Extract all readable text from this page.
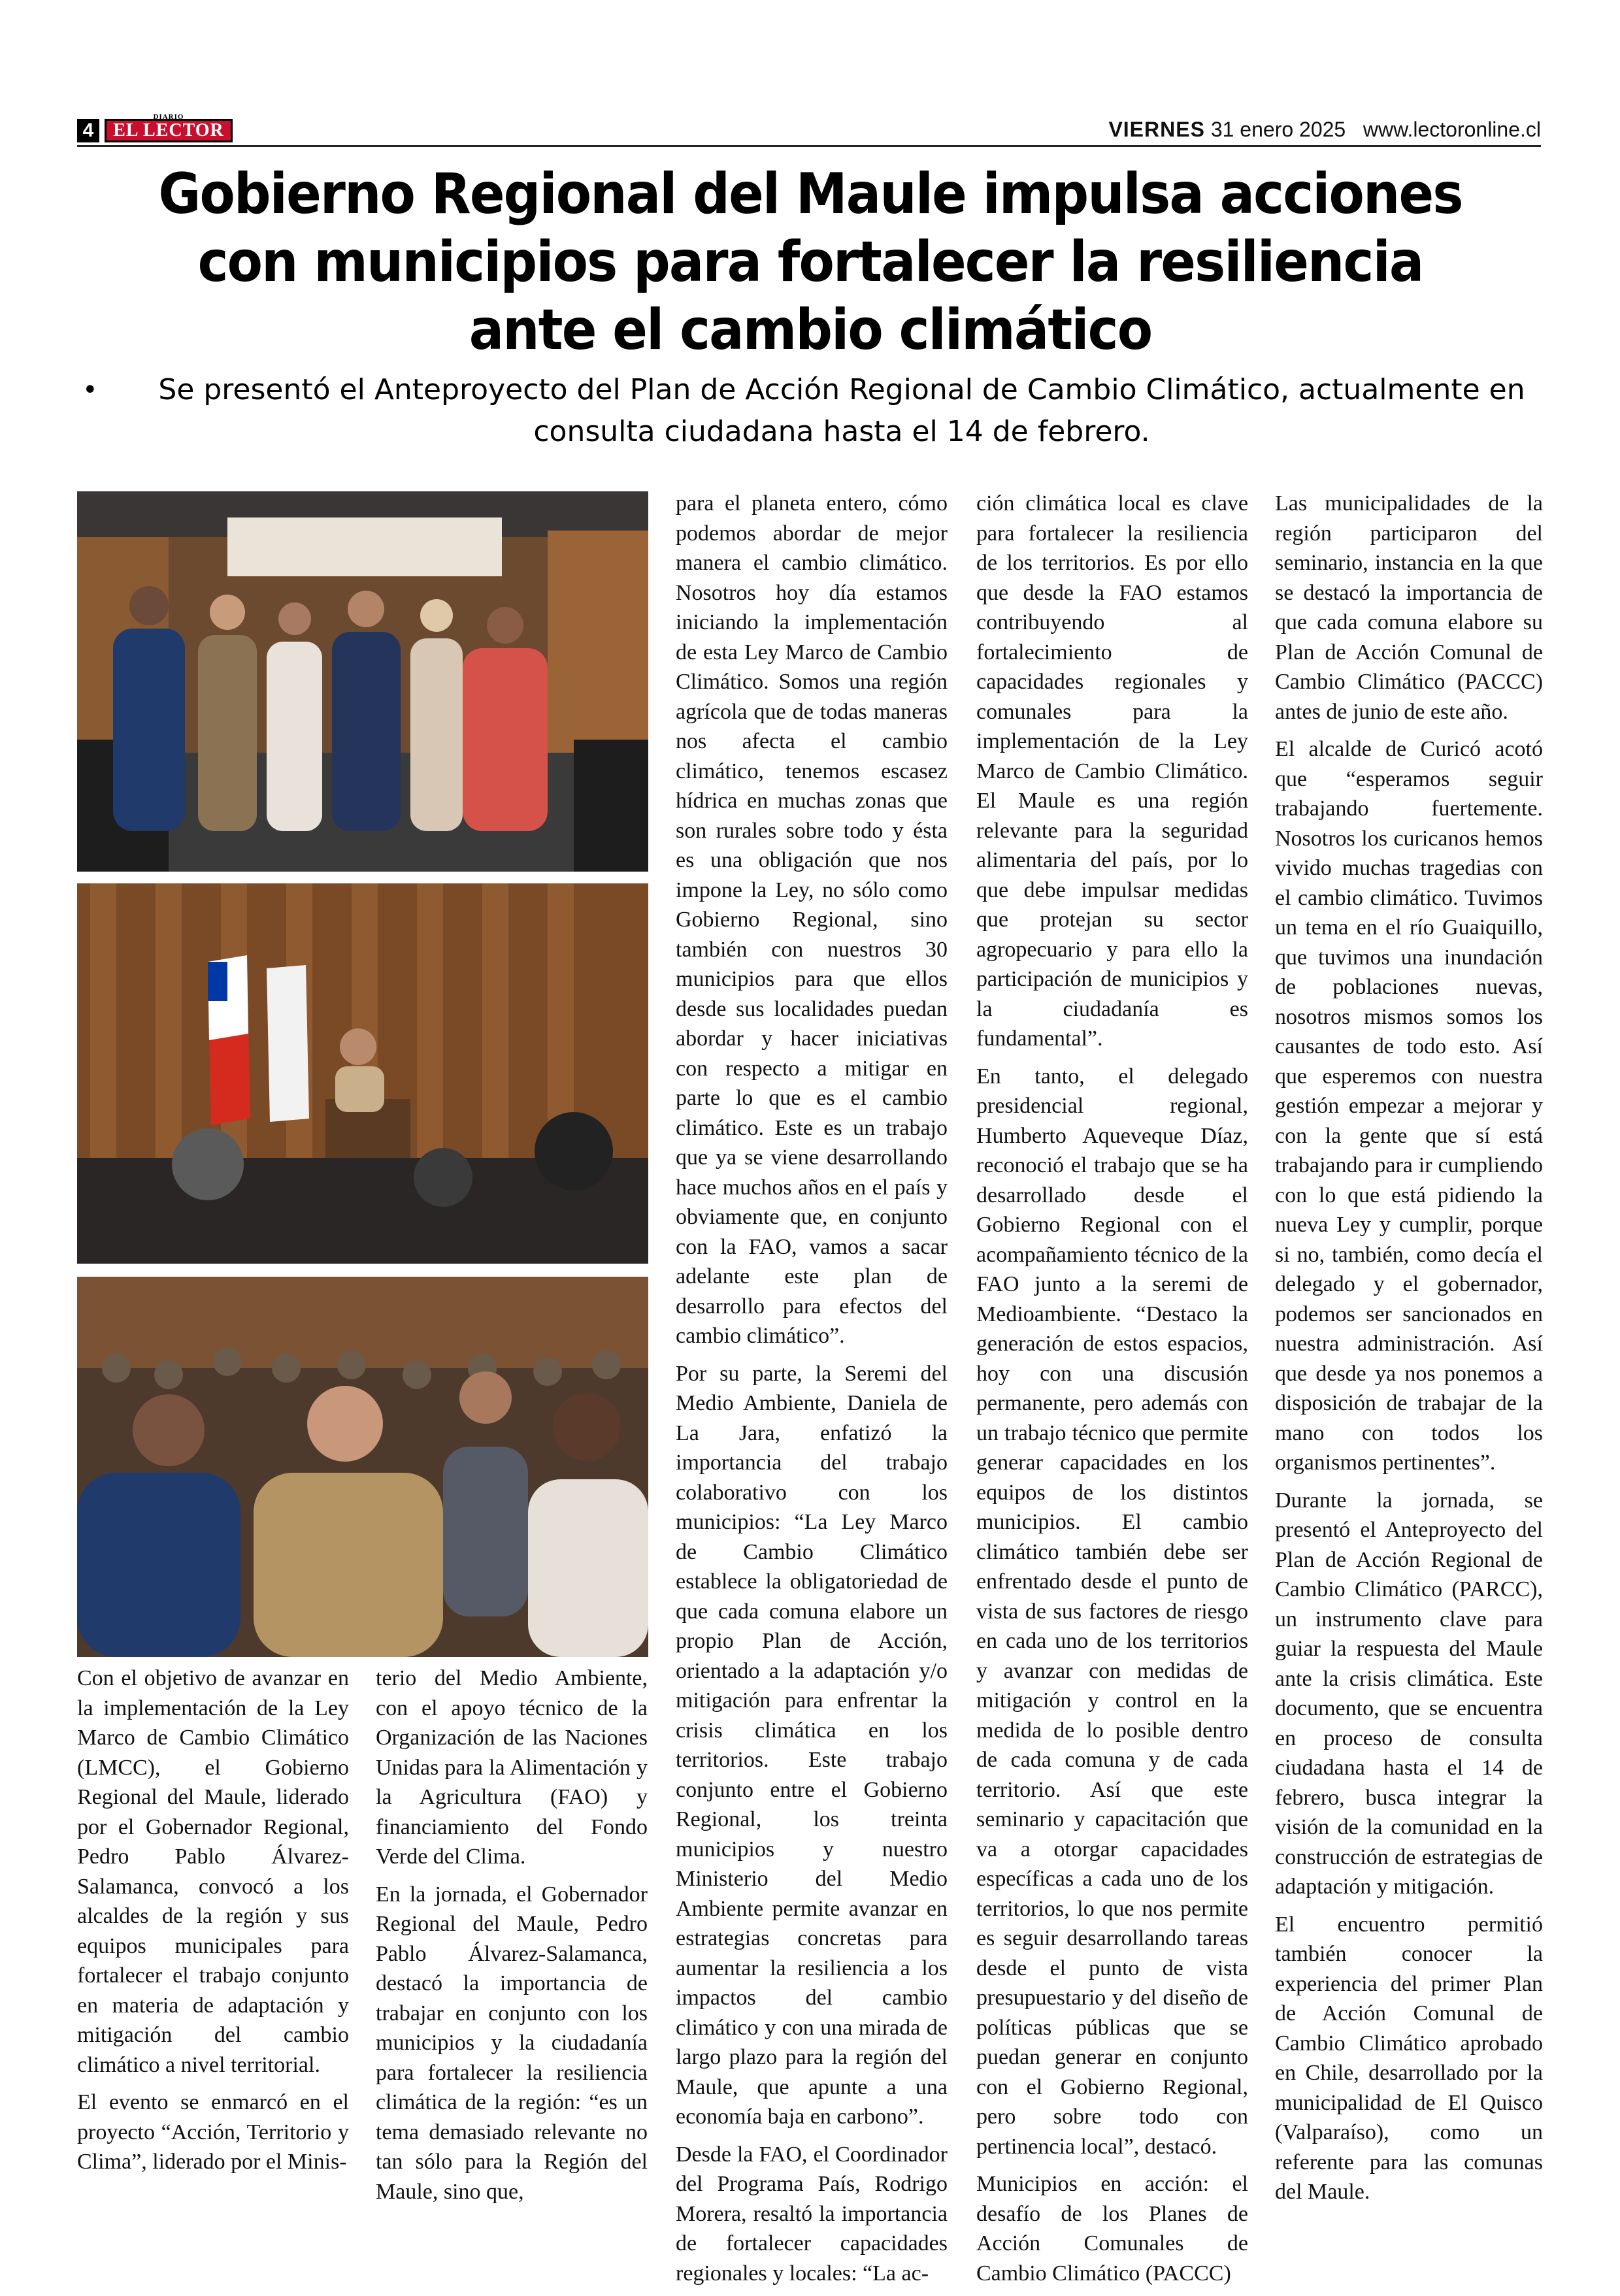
4
DIARIO
EL LECTOR	VIERNES 31 enero 2025 www.lectoronline.cl
Gobierno Regional del Maule impulsa acciones con municipios para fortalecer la resiliencia ante el cambio climático
•	Se presentó el Anteproyecto del Plan de Acción Regional de Cambio Climático, actualmente en consulta ciudadana hasta el 14 de febrero.

Con el objetivo de avanzar en la implementación de la Ley Marco de Cambio Climático (LMCC), el Gobierno Regional del Maule, liderado por el Gobernador Regional, Pedro Pablo Álvarez-Salamanca, convocó a los alcaldes de la región y sus equipos municipales para fortalecer el trabajo conjunto en materia de adaptación y mitigación del cambio climático a nivel territorial.

El evento se enmarcó en el proyecto “Acción, Territorio y Clima”, liderado por el Minis-

terio del Medio Ambiente, con el apoyo técnico de la Organización de las Naciones Unidas para la Alimentación y la Agricultura (FAO) y financiamiento del Fondo Verde del Clima.

En la jornada, el Gobernador Regional del Maule, Pedro Pablo Álvarez-Salamanca, destacó la importancia de trabajar en conjunto con los municipios y la ciudadanía para fortalecer la resiliencia climática de la región: “es un tema demasiado relevante no tan sólo para la Región del Maule, sino que,

para el planeta entero, cómo podemos abordar de mejor manera el cambio climático. Nosotros hoy día estamos iniciando la implementación de esta Ley Marco de Cambio Climático. Somos una región agrícola que de todas maneras nos afecta el cambio climático, tenemos escasez hídrica en muchas zonas que son rurales sobre todo y ésta es una obligación que nos impone la Ley, no sólo como Gobierno Regional, sino también con nuestros 30 municipios para que ellos desde sus localidades puedan abordar y hacer iniciativas con respecto a mitigar en parte lo que es el cambio climático. Este es un trabajo que ya se viene desarrollando hace muchos años en el país y obviamente que, en conjunto con la FAO, vamos a sacar adelante este plan de desarrollo para efectos del cambio climático”.

Por su parte, la Seremi del Medio Ambiente, Daniela de La Jara, enfatizó la importancia del trabajo colaborativo con los municipios: “La Ley Marco de Cambio Climático establece la obligatoriedad de que cada comuna elabore un propio Plan de Acción, orientado a la adaptación y/o mitigación para enfrentar la crisis climática en los territorios. Este trabajo conjunto entre el Gobierno Regional, los treinta municipios y nuestro Ministerio del Medio Ambiente permite avanzar en estrategias concretas para aumentar la resiliencia a los impactos del cambio climático y con una mirada de largo plazo para la región del Maule, que apunte a una economía baja en carbono”.

Desde la FAO, el Coordinador del Programa País, Rodrigo Morera, resaltó la importancia de fortalecer capacidades regionales y locales: “La ac-

ción climática local es clave para fortalecer la resiliencia de los territorios. Es por ello que desde la FAO estamos contribuyendo al fortalecimiento de capacidades regionales y comunales para la implementación de la Ley Marco de Cambio Climático. El Maule es una región relevante para la seguridad alimentaria del país, por lo que debe impulsar medidas que protejan su sector agropecuario y para ello la participación de municipios y la ciudadanía es fundamental”.

En tanto, el delegado presidencial regional, Humberto Aqueveque Díaz, reconoció el trabajo que se ha desarrollado desde el Gobierno Regional con el acompañamiento técnico de la FAO junto a la seremi de Medioambiente. “Destaco la generación de estos espacios, hoy con una discusión permanente, pero además con un trabajo técnico que permite generar capacidades en los equipos de los distintos municipios. El cambio climático también debe ser enfrentado desde el punto de vista de sus factores de riesgo en cada uno de los territorios y avanzar con medidas de mitigación y control en la medida de lo posible dentro de cada comuna y de cada territorio. Así que este seminario y capacitación que va a otorgar capacidades específicas a cada uno de los territorios, lo que nos permite es seguir desarrollando tareas desde el punto de vista presupuestario y del diseño de políticas públicas que se puedan generar en conjunto con el Gobierno Regional, pero sobre todo con pertinencia local”, destacó.

Municipios en acción: el desafío de los Planes de Acción Comunales de Cambio Climático (PACCC)

Las municipalidades de la región participaron del seminario, instancia en la que se destacó la importancia de que cada comuna elabore su Plan de Acción Comunal de Cambio Climático (PACCC) antes de junio de este año.

El alcalde de Curicó acotó que “esperamos seguir trabajando fuertemente. Nosotros los curicanos hemos vivido muchas tragedias con el cambio climático. Tuvimos un tema en el río Guaiquillo, que tuvimos una inundación de poblaciones nuevas, nosotros mismos somos los causantes de todo esto. Así que esperemos con nuestra gestión empezar a mejorar y con la gente que sí está trabajando para ir cumpliendo con lo que está pidiendo la nueva Ley y cumplir, porque si no, también, como decía el delegado y el gobernador, podemos ser sancionados en nuestra administración. Así que desde ya nos ponemos a disposición de trabajar de la mano con todos los organismos pertinentes”.

Durante la jornada, se presentó el Anteproyecto del Plan de Acción Regional de Cambio Climático (PARCC), un instrumento clave para guiar la respuesta del Maule ante la crisis climática. Este documento, que se encuentra en proceso de consulta ciudadana hasta el 14 de febrero, busca integrar la visión de la comunidad en la construcción de estrategias de adaptación y mitigación.

El encuentro permitió también conocer la experiencia del primer Plan de Acción Comunal de Cambio Climático aprobado en Chile, desarrollado por la municipalidad de El Quisco (Valparaíso), como un referente para las comunas del Maule.
